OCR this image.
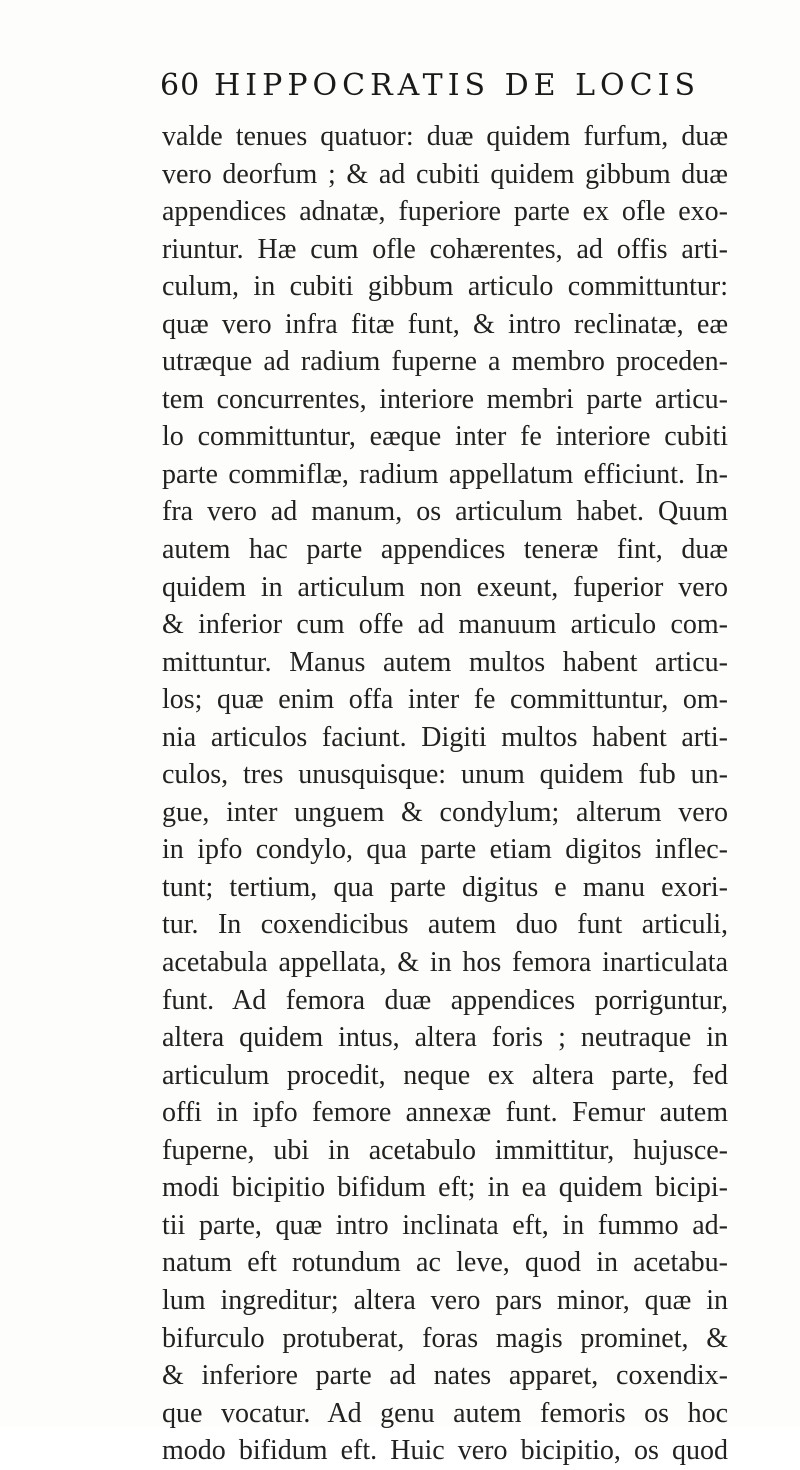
60 HIPPOCRATIS DE LOCIS
valde tenues quatuor: duæ quidem furfum, duæ
vero deorfum ; & ad cubiti quidem gibbum duæ
appendices adnatæ, fuperiore parte ex ofle exo-
riuntur. Hæ cum ofle cohærentes, ad offis arti-
culum, in cubiti gibbum articulo committuntur:
quæ vero infra fitæ funt, & intro reclinatæ, eæ
utræque ad radium fuperne a membro proceden-
tem concurrentes, interiore membri parte articu-
lo committuntur, eæque inter fe interiore cubiti
parte commiflæ, radium appellatum efficiunt. In-
fra vero ad manum, os articulum habet. Quum
autem hac parte appendices teneræ fint, duæ
quidem in articulum non exeunt, fuperior vero
& inferior cum offe ad manuum articulo com-
mittuntur. Manus autem multos habent articu-
los; quæ enim offa inter fe committuntur, om-
nia articulos faciunt. Digiti multos habent arti-
culos, tres unusquisque: unum quidem fub un-
gue, inter unguem & condylum; alterum vero
in ipfo condylo, qua parte etiam digitos inflec-
tunt; tertium, qua parte digitus e manu exori-
tur. In coxendicibus autem duo funt articuli,
acetabula appellata, & in hos femora inarticulata
funt. Ad femora duæ appendices porriguntur,
altera quidem intus, altera foris ; neutraque in
articulum procedit, neque ex altera parte, fed
offi in ipfo femore annexæ funt. Femur autem
fuperne, ubi in acetabulo immittitur, hujusce-
modi bicipitio bifidum eft; in ea quidem bicipi-
tii parte, quæ intro inclinata eft, in fummo ad-
natum eft rotundum ac leve, quod in acetabu-
lum ingreditur; altera vero pars minor, quæ in
bifurculo protuberat, foras magis prominet, &
& inferiore parte ad nates apparet, coxendix-
que vocatur. Ad genu autem femoris os hoc
modo bifidum eft. Huic vero bicipitio, os quod
